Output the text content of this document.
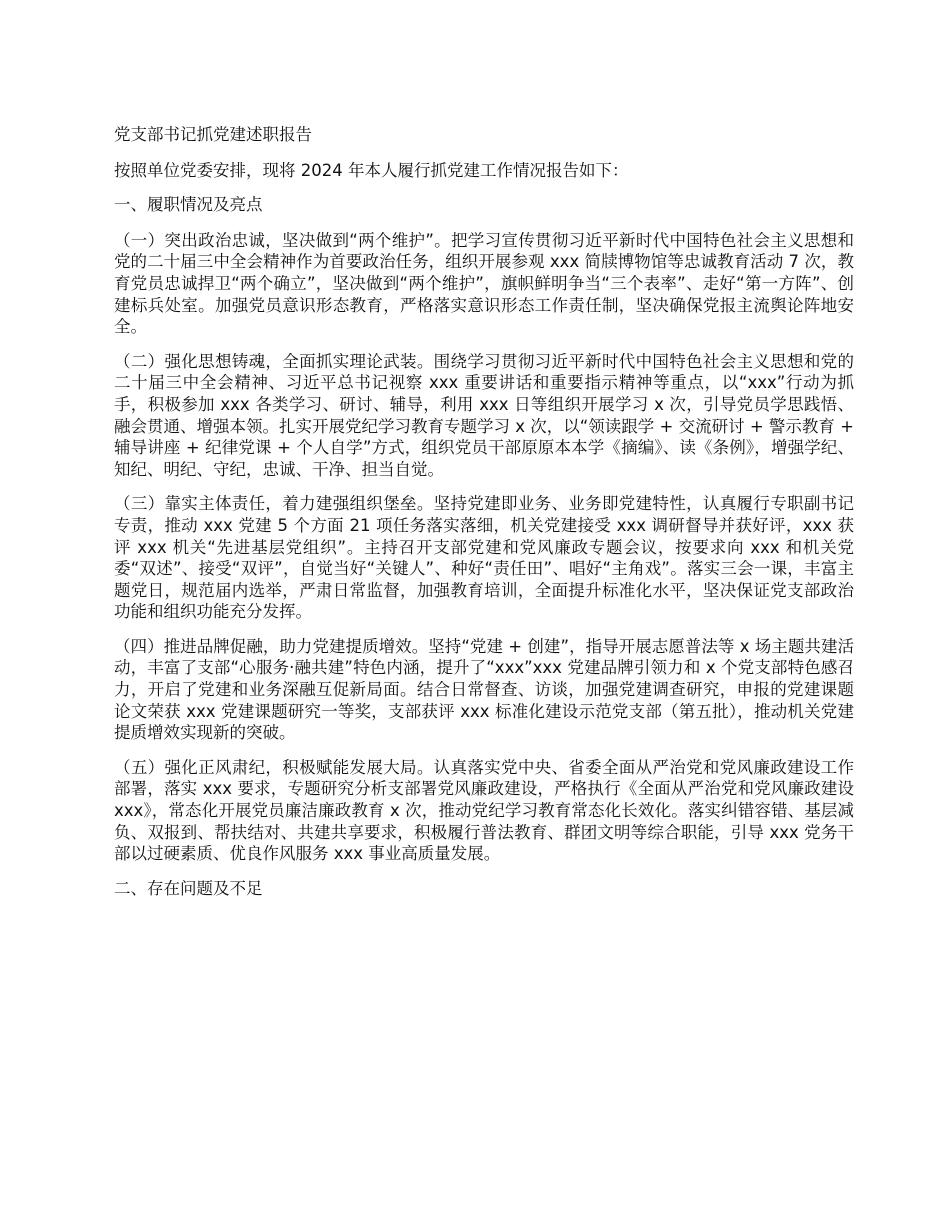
党支部书记抓党建述职报告

按照单位党委安排，现将 2024 年本人履行抓党建工作情况报告如下：

一、履职情况及亮点

（一）突出政治忠诚，坚决做到“两个维护”。把学习宣传贯彻习近平新时代中国特色社会主义思想和党的二十届三中全会精神作为首要政治任务，组织开展参观 xxx 简牍博物馆等忠诚教育活动 7 次，教育党员忠诚捍卫“两个确立”，坚决做到“两个维护”，旗帜鲜明争当“三个表率”、走好“第一方阵”、创建标兵处室。加强党员意识形态教育，严格落实意识形态工作责任制，坚决确保党报主流舆论阵地安全。

（二）强化思想铸魂，全面抓实理论武装。围绕学习贯彻习近平新时代中国特色社会主义思想和党的二十届三中全会精神、习近平总书记视察 xxx 重要讲话和重要指示精神等重点，以“xxx”行动为抓手，积极参加 xxx 各类学习、研讨、辅导，利用 xxx 日等组织开展学习 x 次，引导党员学思践悟、融会贯通、增强本领。扎实开展党纪学习教育专题学习 x 次，以“领读跟学 + 交流研讨 + 警示教育 + 辅导讲座 + 纪律党课 + 个人自学”方式，组织党员干部原原本本学《摘编》、读《条例》，增强学纪、知纪、明纪、守纪，忠诚、干净、担当自觉。

（三）靠实主体责任，着力建强组织堡垒。坚持党建即业务、业务即党建特性，认真履行专职副书记专责，推动 xxx 党建 5 个方面 21 项任务落实落细，机关党建接受 xxx 调研督导并获好评，xxx 获评 xxx 机关“先进基层党组织”。主持召开支部党建和党风廉政专题会议，按要求向 xxx 和机关党委“双述”、接受“双评”，自觉当好“关键人”、种好“责任田”、唱好“主角戏”。落实三会一课，丰富主题党日，规范届内选举，严肃日常监督，加强教育培训，全面提升标准化水平，坚决保证党支部政治功能和组织功能充分发挥。

（四）推进品牌促融，助力党建提质增效。坚持“党建 + 创建”，指导开展志愿普法等 x 场主题共建活动，丰富了支部“心服务·融共建”特色内涵，提升了“xxx”xxx 党建品牌引领力和 x 个党支部特色感召力，开启了党建和业务深融互促新局面。结合日常督查、访谈，加强党建调查研究，申报的党建课题论文荣获 xxx 党建课题研究一等奖，支部获评 xxx 标准化建设示范党支部（第五批），推动机关党建提质增效实现新的突破。

（五）强化正风肃纪，积极赋能发展大局。认真落实党中央、省委全面从严治党和党风廉政建设工作部署，落实 xxx 要求，专题研究分析支部署党风廉政建设，严格执行《全面从严治党和党风廉政建设 xxx》，常态化开展党员廉洁廉政教育 x 次，推动党纪学习教育常态化长效化。落实纠错容错、基层减负、双报到、帮扶结对、共建共享要求，积极履行普法教育、群团文明等综合职能，引导 xxx 党务干部以过硬素质、优良作风服务 xxx 事业高质量发展。

二、存在问题及不足
